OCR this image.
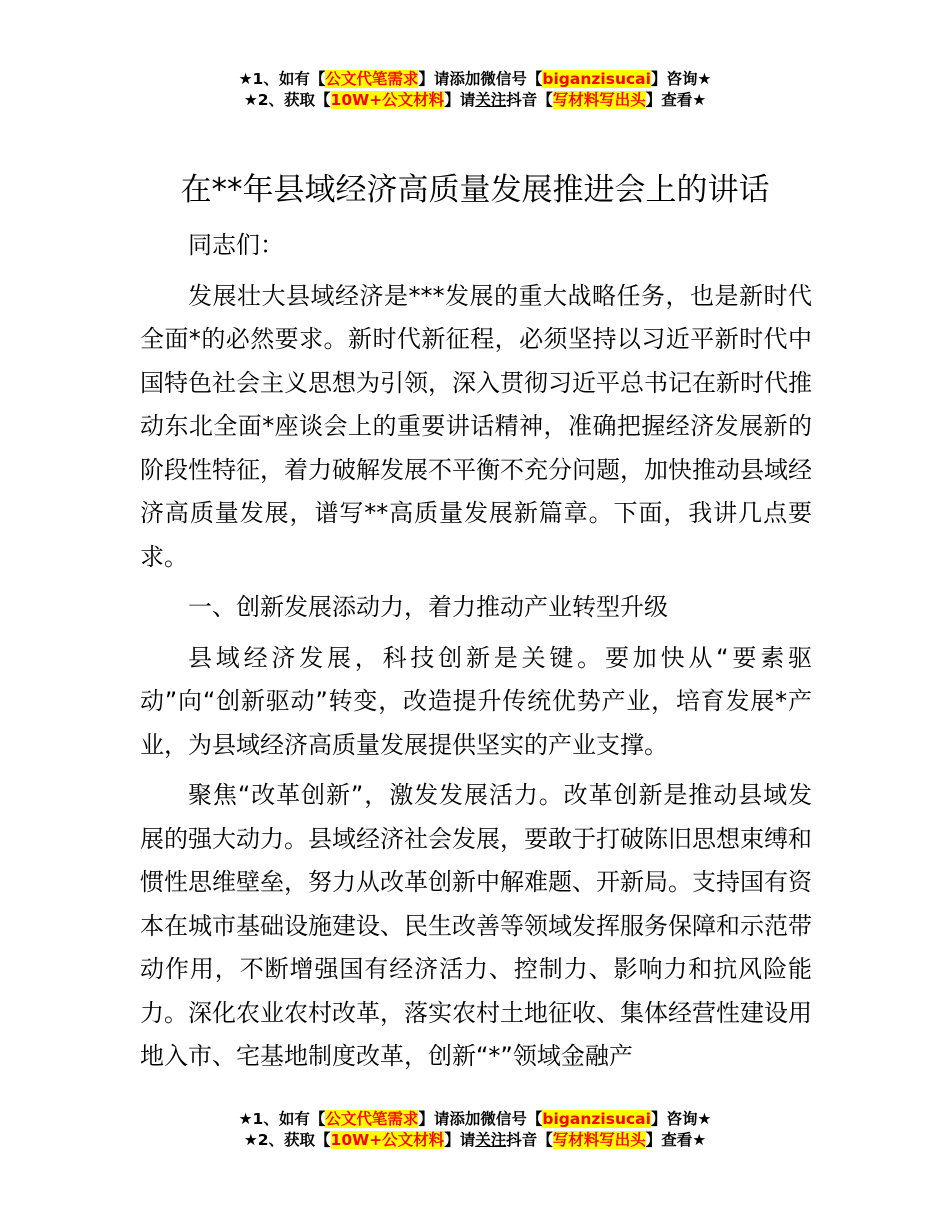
★1、如有【公文代笔需求】请添加微信号【biganzisucai】咨询★
★2、获取【10W+公文材料】请关注抖音【写材料写出头】查看★
在**年县域经济高质量发展推进会上的讲话

同志们：

发展壮大县域经济是***发展的重大战略任务，也是新时代全面*的必然要求。新时代新征程，必须坚持以习近平新时代中国特色社会主义思想为引领，深入贯彻习近平总书记在新时代推动东北全面*座谈会上的重要讲话精神，准确把握经济发展新的阶段性特征，着力破解发展不平衡不充分问题，加快推动县域经济高质量发展，谱写**高质量发展新篇章。下面，我讲几点要求。

一、创新发展添动力，着力推动产业转型升级

县域经济发展，科技创新是关键。要加快从“要素驱动”向“创新驱动”转变，改造提升传统优势产业，培育发展*产业，为县域经济高质量发展提供坚实的产业支撑。

聚焦“改革创新”，激发发展活力。改革创新是推动县域发展的强大动力。县域经济社会发展，要敢于打破陈旧思想束缚和惯性思维壁垒，努力从改革创新中解难题、开新局。支持国有资本在城市基础设施建设、民生改善等领域发挥服务保障和示范带动作用，不断增强国有经济活力、控制力、影响力和抗风险能力。深化农业农村改革，落实农村土地征收、集体经营性建设用地入市、宅基地制度改革，创新“*”领域金融产

★1、如有【公文代笔需求】请添加微信号【biganzisucai】咨询★
★2、获取【10W+公文材料】请关注抖音【写材料写出头】查看★
